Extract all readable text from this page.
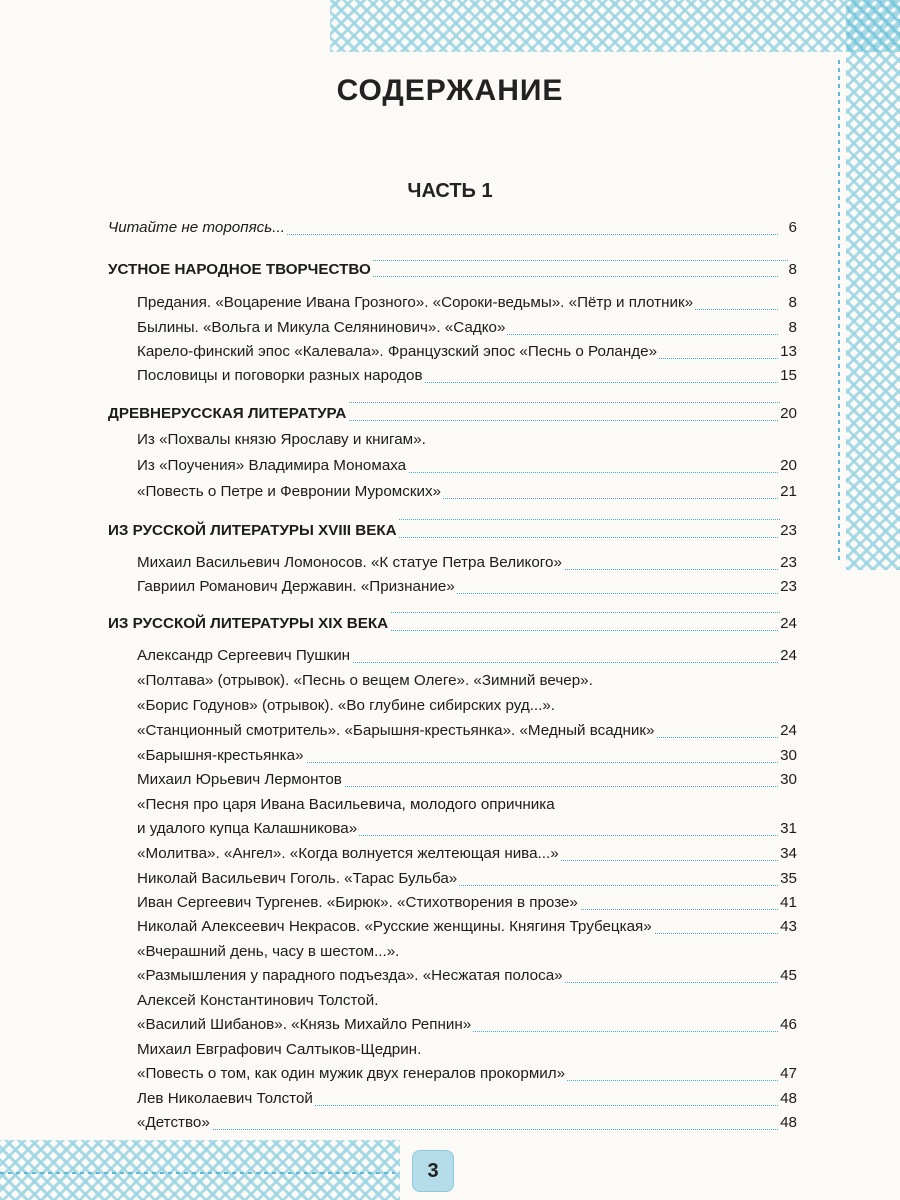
СОДЕРЖАНИЕ
ЧАСТЬ 1
Читайте не торопясь...	6
УСТНОЕ НАРОДНОЕ ТВОРЧЕСТВО	8
Предания. «Воцарение Ивана Грозного». «Сороки-ведьмы». «Пётр и плотник»	8
Былины. «Вольга и Микула Селянинович». «Садко»	8
Карело-финский эпос «Калевала». Французский эпос «Песнь о Роланде»	13
Пословицы и поговорки разных народов	15
ДРЕВНЕРУССКАЯ ЛИТЕРАТУРА	20
Из «Похвалы князю Ярославу и книгам».
Из «Поучения» Владимира Мономаха	20
«Повесть о Петре и Февронии Муромских»	21
ИЗ РУССКОЙ ЛИТЕРАТУРЫ XVIII ВЕКА	23
Михаил Васильевич Ломоносов. «К статуе Петра Великого»	23
Гавриил Романович Державин. «Признание»	23
ИЗ РУССКОЙ ЛИТЕРАТУРЫ XIX ВЕКА	24
Александр Сергеевич Пушкин	24
«Полтава» (отрывок). «Песнь о вещем Олеге». «Зимний вечер».
«Борис Годунов» (отрывок). «Во глубине сибирских руд...».
«Станционный смотритель». «Барышня-крестьянка». «Медный всадник»	24
«Барышня-крестьянка»	30
Михаил Юрьевич Лермонтов	30
«Песня про царя Ивана Васильевича, молодого опричника
и удалого купца Калашникова»	31
«Молитва». «Ангел». «Когда волнуется желтеющая нива...»	34
Николай Васильевич Гоголь. «Тарас Бульба»	35
Иван Сергеевич Тургенев. «Бирюк». «Стихотворения в прозе»	41
Николай Алексеевич Некрасов. «Русские женщины. Княгиня Трубецкая»	43
«Вчерашний день, часу в шестом...».
«Размышления у парадного подъезда». «Несжатая полоса»	45
Алексей Константинович Толстой.
«Василий Шибанов». «Князь Михайло Репнин»	46
Михаил Евграфович Салтыков-Щедрин.
«Повесть о том, как один мужик двух генералов прокормил»	47
Лев Николаевич Толстой	48
«Детство»	48
3
